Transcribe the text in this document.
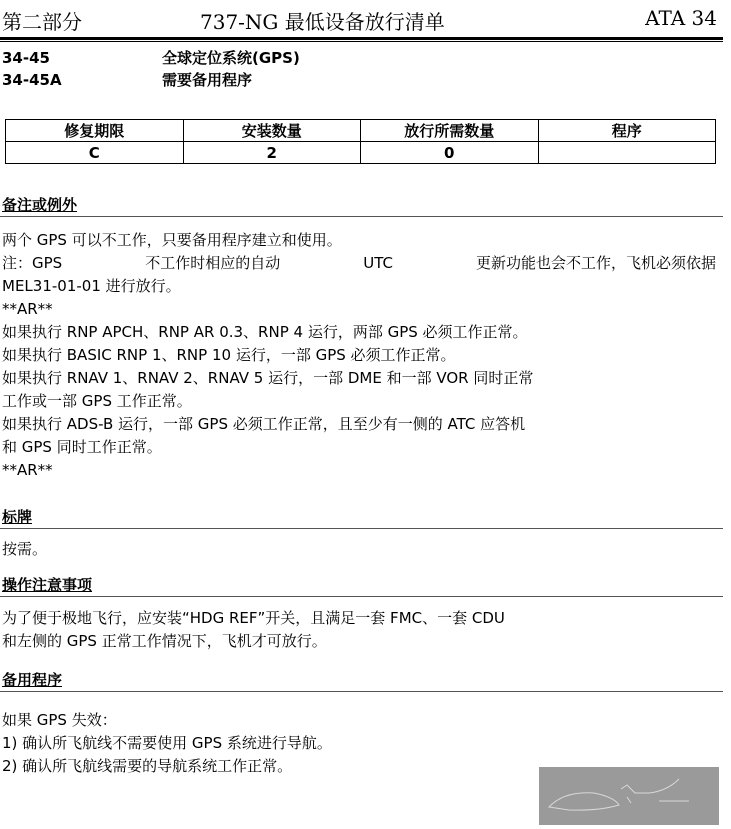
第二部分	737-NG 最低设备放行清单	ATA 34
34-45	全球定位系统(GPS)
34-45A	需要备用程序
修复期限	安装数量	放行所需数量	程序
C	2	0	
备注或例外
两个 GPS 可以不工作，只要备用程序建立和使用。
注：GPS	不工作时相应的自动	UTC	更新功能也会不工作，飞机必须依据
MEL31-01-01 进行放行。
**AR**
如果执行 RNP APCH、RNP AR 0.3、RNP 4 运行，两部 GPS 必须工作正常。
如果执行 BASIC RNP 1、RNP 10 运行，一部 GPS 必须工作正常。
如果执行 RNAV 1、RNAV 2、RNAV 5 运行，一部 DME 和一部 VOR 同时正常
工作或一部 GPS 工作正常。
如果执行 ADS-B 运行，一部 GPS 必须工作正常，且至少有一侧的 ATC 应答机
和 GPS 同时工作正常。
**AR**
标牌
按需。
操作注意事项
为了便于极地飞行，应安装“HDG REF”开关，且满足一套 FMC、一套 CDU
和左侧的 GPS 正常工作情况下，飞机才可放行。
备用程序
如果 GPS 失效：
1) 确认所飞航线不需要使用 GPS 系统进行导航。
2) 确认所飞航线需要的导航系统工作正常。
